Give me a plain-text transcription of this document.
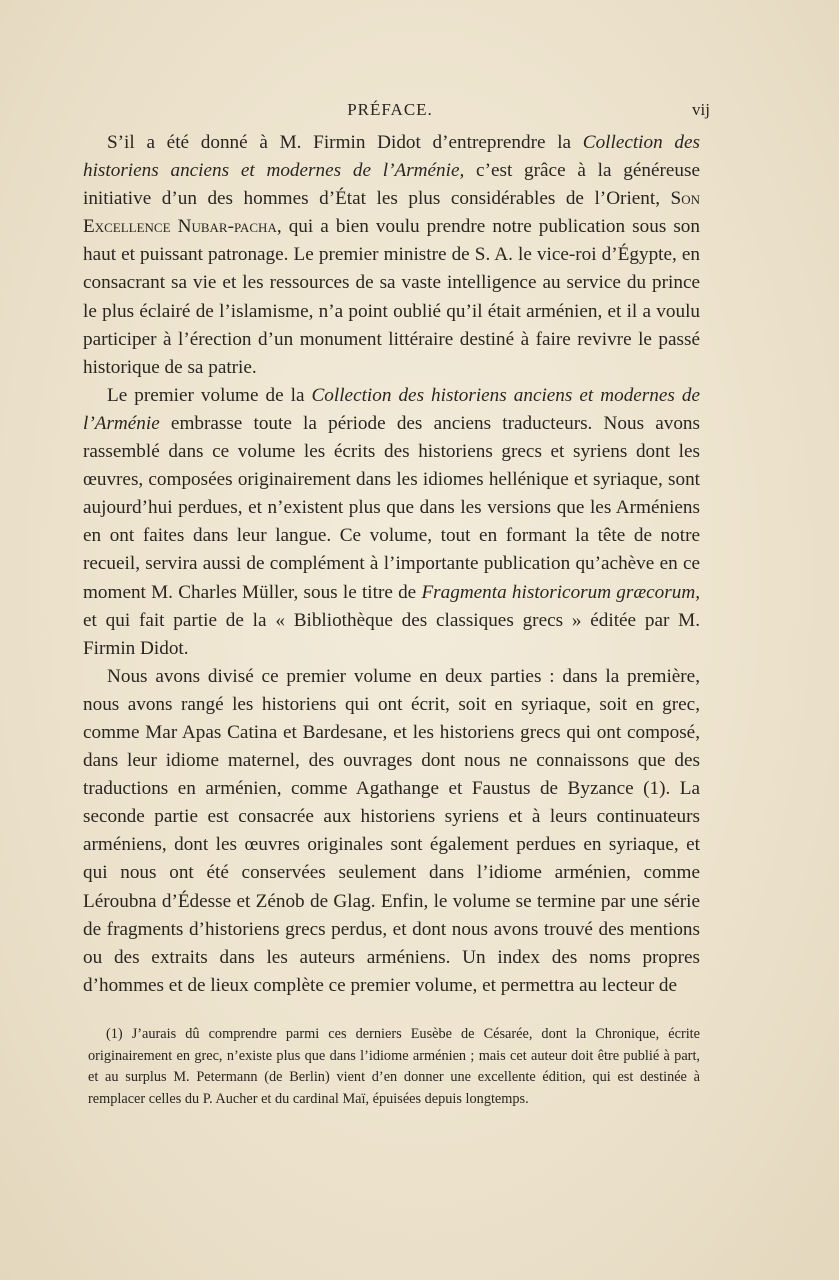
PRÉFACE.	vij

S’il a été donné à M. Firmin Didot d’entreprendre la Collection des historiens anciens et modernes de l’Arménie, c’est grâce à la généreuse initiative d’un des hommes d’État les plus considérables de l’Orient, Son Excellence Nubar-pacha, qui a bien voulu prendre notre publication sous son haut et puissant patronage. Le premier ministre de S. A. le vice-roi d’Égypte, en consacrant sa vie et les ressources de sa vaste intelligence au service du prince le plus éclairé de l’islamisme, n’a point oublié qu’il était arménien, et il a voulu participer à l’érection d’un monument littéraire destiné à faire revivre le passé historique de sa patrie.

Le premier volume de la Collection des historiens anciens et modernes de l’Arménie embrasse toute la période des anciens traducteurs. Nous avons rassemblé dans ce volume les écrits des historiens grecs et syriens dont les œuvres, composées originairement dans les idiomes hellénique et syriaque, sont aujourd’hui perdues, et n’existent plus que dans les versions que les Arméniens en ont faites dans leur langue. Ce volume, tout en formant la tête de notre recueil, servira aussi de complément à l’importante publication qu’achève en ce moment M. Charles Müller, sous le titre de Fragmenta historicorum græcorum, et qui fait partie de la « Bibliothèque des classiques grecs » éditée par M. Firmin Didot.

Nous avons divisé ce premier volume en deux parties : dans la première, nous avons rangé les historiens qui ont écrit, soit en syriaque, soit en grec, comme Mar Apas Catina et Bardesane, et les historiens grecs qui ont composé, dans leur idiome maternel, des ouvrages dont nous ne connaissons que des traductions en arménien, comme Agathange et Faustus de Byzance (1). La seconde partie est consacrée aux historiens syriens et à leurs continuateurs arméniens, dont les œuvres originales sont également perdues en syriaque, et qui nous ont été conservées seulement dans l’idiome arménien, comme Léroubna d’Édesse et Zénob de Glag. Enfin, le volume se termine par une série de fragments d’historiens grecs perdus, et dont nous avons trouvé des mentions ou des extraits dans les auteurs arméniens. Un index des noms propres d’hommes et de lieux complète ce premier volume, et permettra au lecteur de

(1) J’aurais dû comprendre parmi ces derniers Eusèbe de Césarée, dont la Chronique, écrite originairement en grec, n’existe plus que dans l’idiome arménien ; mais cet auteur doit être publié à part, et au surplus M. Petermann (de Berlin) vient d’en donner une excellente édition, qui est destinée à remplacer celles du P. Aucher et du cardinal Maï, épuisées depuis longtemps.
